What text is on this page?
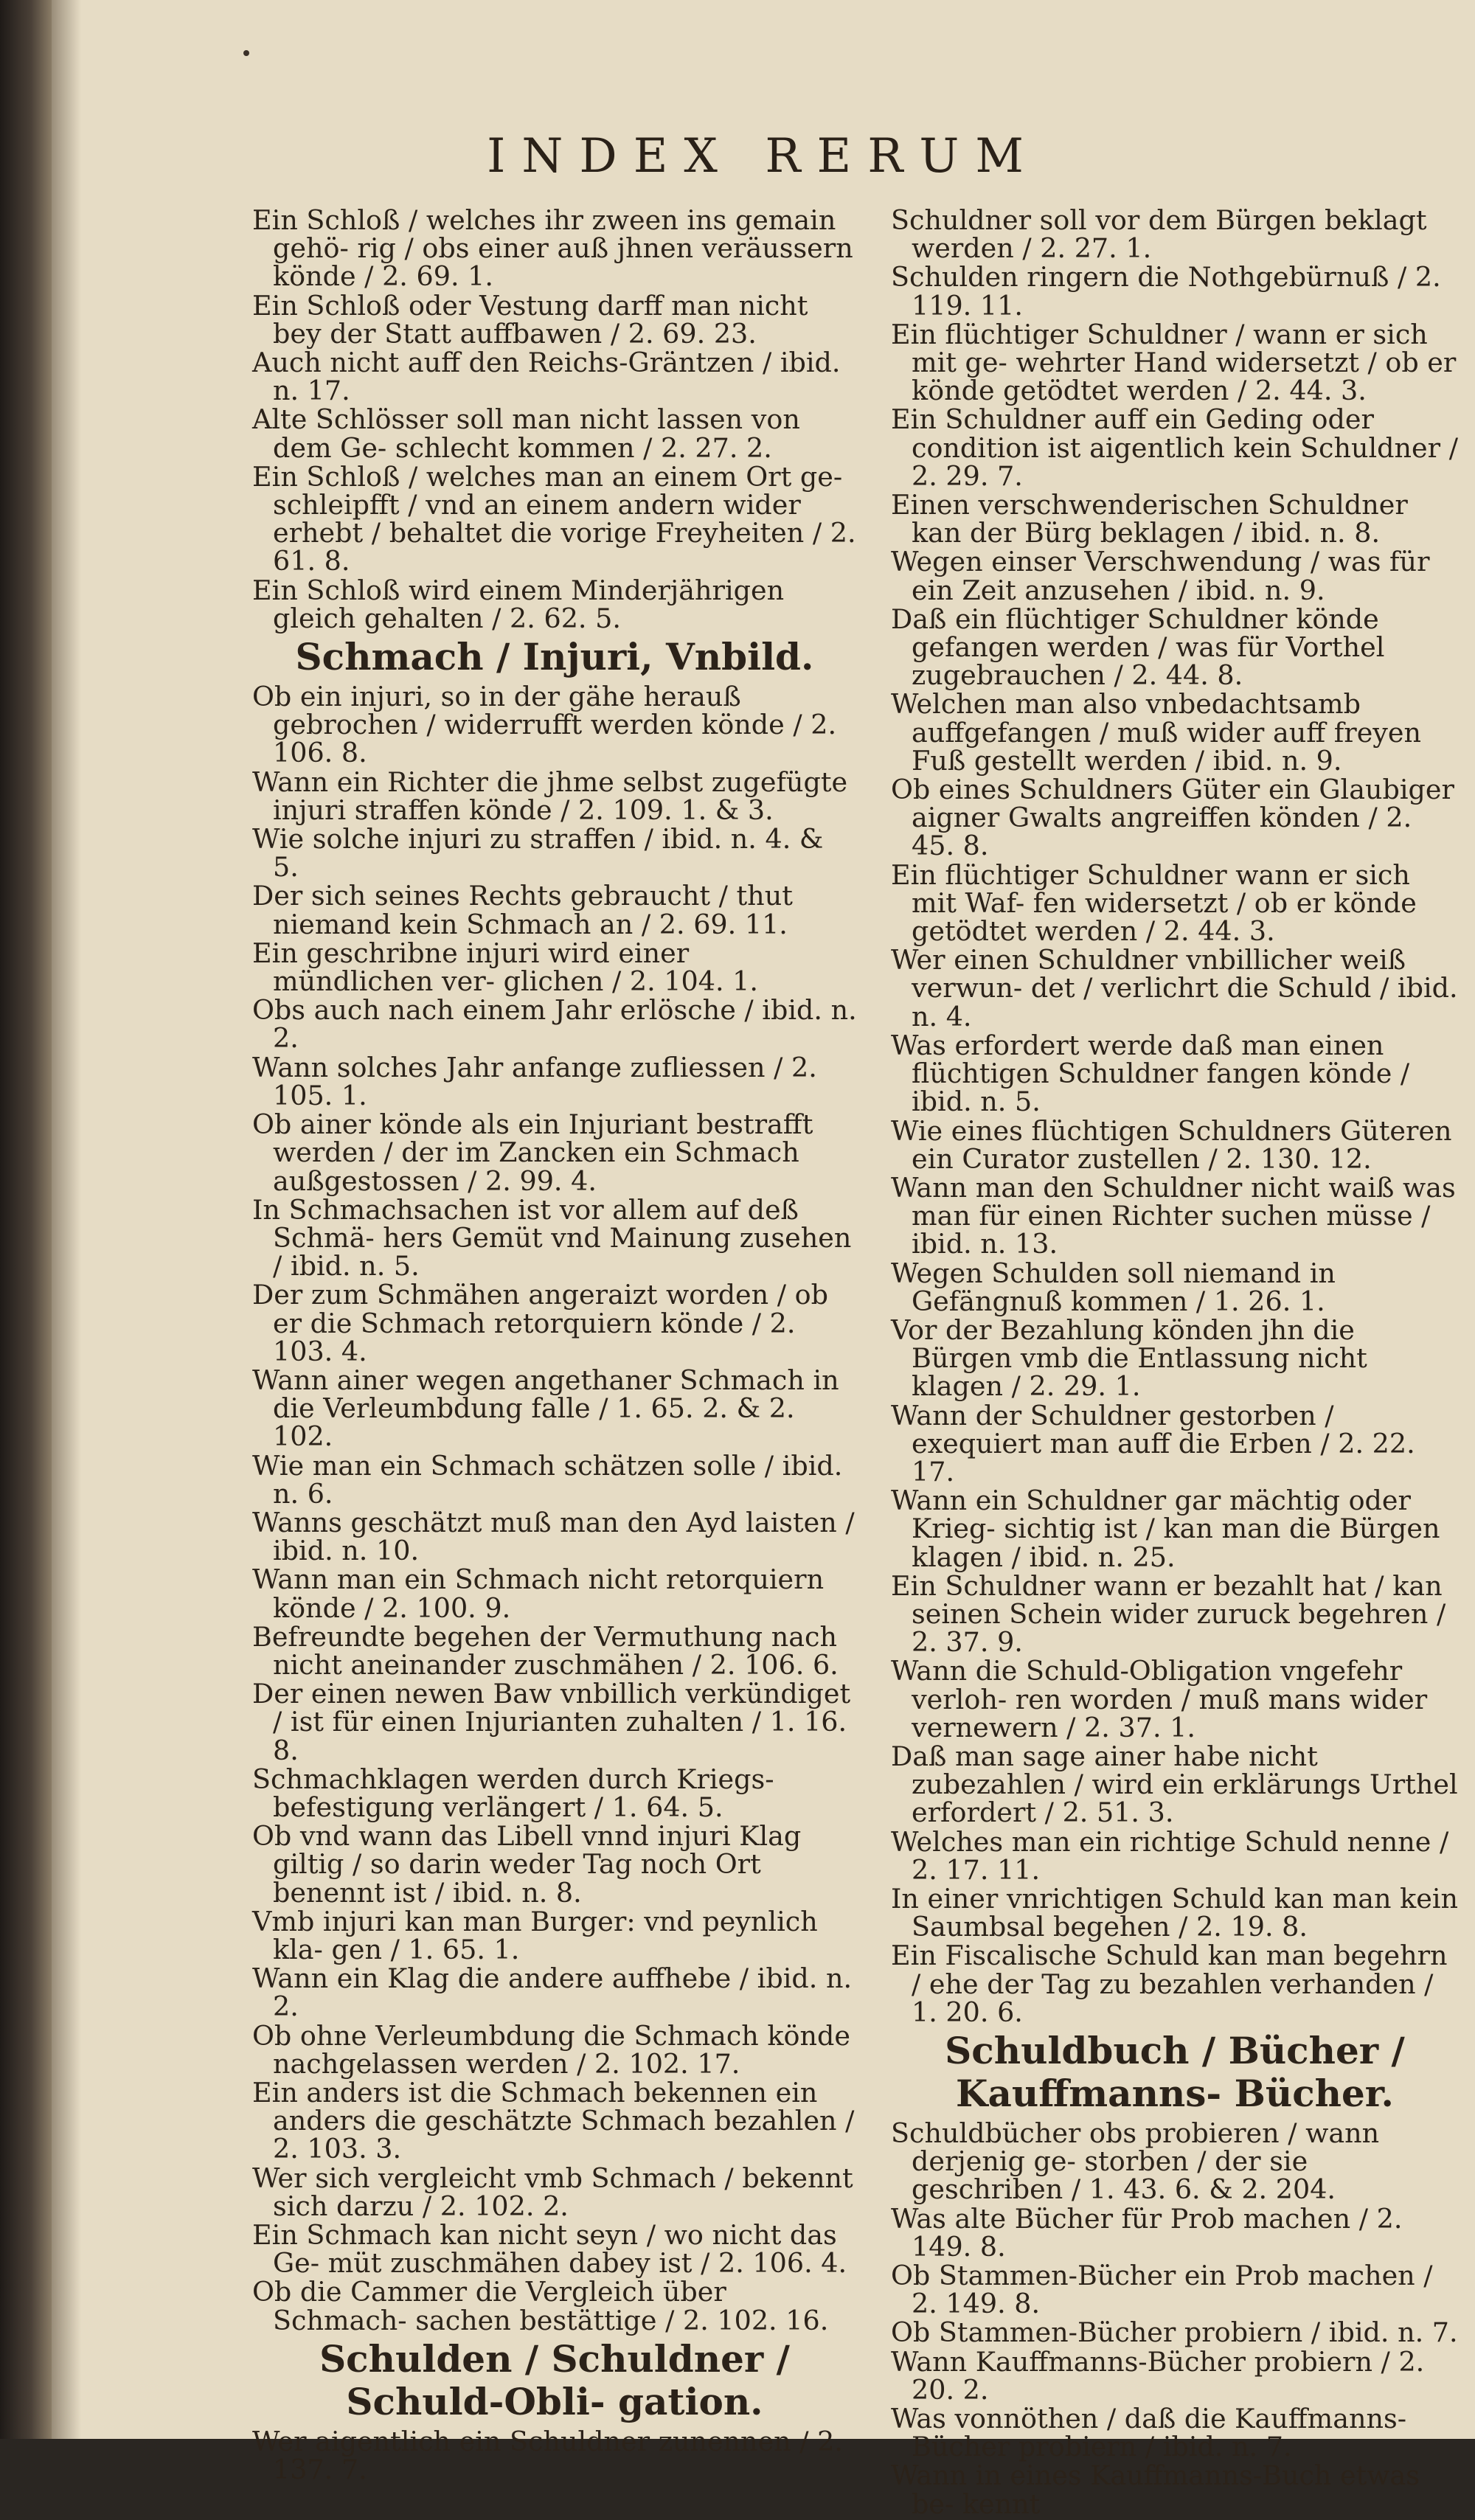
INDEX RERUM
Ein Schloß / welches ihr zween ins gemain gehö- rig / obs einer auß jhnen veräussern könde / 2. 69. 1.
Ein Schloß oder Vestung darff man nicht bey der Statt auffbawen / 2. 69. 23.
Auch nicht auff den Reichs-Gräntzen / ibid. n. 17.
Alte Schlösser soll man nicht lassen von dem Ge- schlecht kommen / 2. 27. 2.
Ein Schloß / welches man an einem Ort ge- schleipfft / vnd an einem andern wider erhebt / behaltet die vorige Freyheiten / 2. 61. 8.
Ein Schloß wird einem Minderjährigen gleich gehalten / 2. 62. 5.
Schmach / Injuri, Vnbild.
Ob ein injuri, so in der gähe herauß gebrochen / widerrufft werden könde / 2. 106. 8.
Wann ein Richter die jhme selbst zugefügte injuri straffen könde / 2. 109. 1. & 3.
Wie solche injuri zu straffen / ibid. n. 4. & 5.
Der sich seines Rechts gebraucht / thut niemand kein Schmach an / 2. 69. 11.
Ein geschribne injuri wird einer mündlichen ver- glichen / 2. 104. 1.
Obs auch nach einem Jahr erlösche / ibid. n. 2.
Wann solches Jahr anfange zufliessen / 2. 105. 1.
Ob ainer könde als ein Injuriant bestrafft werden / der im Zancken ein Schmach außgestossen / 2. 99. 4.
In Schmachsachen ist vor allem auf deß Schmä- hers Gemüt vnd Mainung zusehen / ibid. n. 5.
Der zum Schmähen angeraizt worden / ob er die Schmach retorquiern könde / 2. 103. 4.
Wann ainer wegen angethaner Schmach in die Verleumbdung falle / 1. 65. 2. & 2. 102.
Wie man ein Schmach schätzen solle / ibid. n. 6.
Wanns geschätzt muß man den Ayd laisten / ibid. n. 10.
Wann man ein Schmach nicht retorquiern könde / 2. 100. 9.
Befreundte begehen der Vermuthung nach nicht aneinander zuschmähen / 2. 106. 6.
Der einen newen Baw vnbillich verkündiget / ist für einen Injurianten zuhalten / 1. 16. 8.
Schmachklagen werden durch Kriegs-befestigung verlängert / 1. 64. 5.
Ob vnd wann das Libell vnnd injuri Klag giltig / so darin weder Tag noch Ort benennt ist / ibid. n. 8.
Vmb injuri kan man Burger: vnd peynlich kla- gen / 1. 65. 1.
Wann ein Klag die andere auffhebe / ibid. n. 2.
Ob ohne Verleumbdung die Schmach könde nachgelassen werden / 2. 102. 17.
Ein anders ist die Schmach bekennen ein anders die geschätzte Schmach bezahlen / 2. 103. 3.
Wer sich vergleicht vmb Schmach / bekennt sich darzu / 2. 102. 2.
Ein Schmach kan nicht seyn / wo nicht das Ge- müt zuschmähen dabey ist / 2. 106. 4.
Ob die Cammer die Vergleich über Schmach- sachen bestättige / 2. 102. 16.
Schulden / Schuldner / Schuld-Obli- gation.
Wer aigentlich ein Schuldner zunennen / 2. 137. 7.
Schuldner soll vor dem Bürgen beklagt werden / 2. 27. 1.
Schulden ringern die Nothgebürnuß / 2. 119. 11.
Ein flüchtiger Schuldner / wann er sich mit ge- wehrter Hand widersetzt / ob er könde getödtet werden / 2. 44. 3.
Ein Schuldner auff ein Geding oder condition ist aigentlich kein Schuldner / 2. 29. 7.
Einen verschwenderischen Schuldner kan der Bürg beklagen / ibid. n. 8.
Wegen einser Verschwendung / was für ein Zeit anzusehen / ibid. n. 9.
Daß ein flüchtiger Schuldner könde gefangen werden / was für Vorthel zugebrauchen / 2. 44. 8.
Welchen man also vnbedachtsamb auffgefangen / muß wider auff freyen Fuß gestellt werden / ibid. n. 9.
Ob eines Schuldners Güter ein Glaubiger aigner Gwalts angreiffen könden / 2. 45. 8.
Ein flüchtiger Schuldner wann er sich mit Waf- fen widersetzt / ob er könde getödtet werden / 2. 44. 3.
Wer einen Schuldner vnbillicher weiß verwun- det / verlichrt die Schuld / ibid. n. 4.
Was erfordert werde daß man einen flüchtigen Schuldner fangen könde / ibid. n. 5.
Wie eines flüchtigen Schuldners Güteren ein Curator zustellen / 2. 130. 12.
Wann man den Schuldner nicht waiß was man für einen Richter suchen müsse / ibid. n. 13.
Wegen Schulden soll niemand in Gefängnuß kommen / 1. 26. 1.
Vor der Bezahlung könden jhn die Bürgen vmb die Entlassung nicht klagen / 2. 29. 1.
Wann der Schuldner gestorben / exequiert man auff die Erben / 2. 22. 17.
Wann ein Schuldner gar mächtig oder Krieg- sichtig ist / kan man die Bürgen klagen / ibid. n. 25.
Ein Schuldner wann er bezahlt hat / kan seinen Schein wider zuruck begehren / 2. 37. 9.
Wann die Schuld-Obligation vngefehr verloh- ren worden / muß mans wider vernewern / 2. 37. 1.
Daß man sage ainer habe nicht zubezahlen / wird ein erklärungs Urthel erfordert / 2. 51. 3.
Welches man ein richtige Schuld nenne / 2. 17. 11.
In einer vnrichtigen Schuld kan man kein Saumbsal begehen / 2. 19. 8.
Ein Fiscalische Schuld kan man begehrn / ehe der Tag zu bezahlen verhanden / 1. 20. 6.
Schuldbuch / Bücher / Kauffmanns- Bücher.
Schuldbücher obs probieren / wann derjenig ge- storben / der sie geschriben / 1. 43. 6. & 2. 204.
Was alte Bücher für Prob machen / 2. 149. 8.
Ob Stammen-Bücher ein Prob machen / 2. 149. 8.
Ob Stammen-Bücher probiern / ibid. n. 7.
Wann Kauffmanns-Bücher probiern / 2. 20. 2.
Was vonnöthen / daß die Kauffmanns-Bücher probiern / ibid. n. 7.
Wann in eines Kauffmanns-Buch etwas be- kennt
